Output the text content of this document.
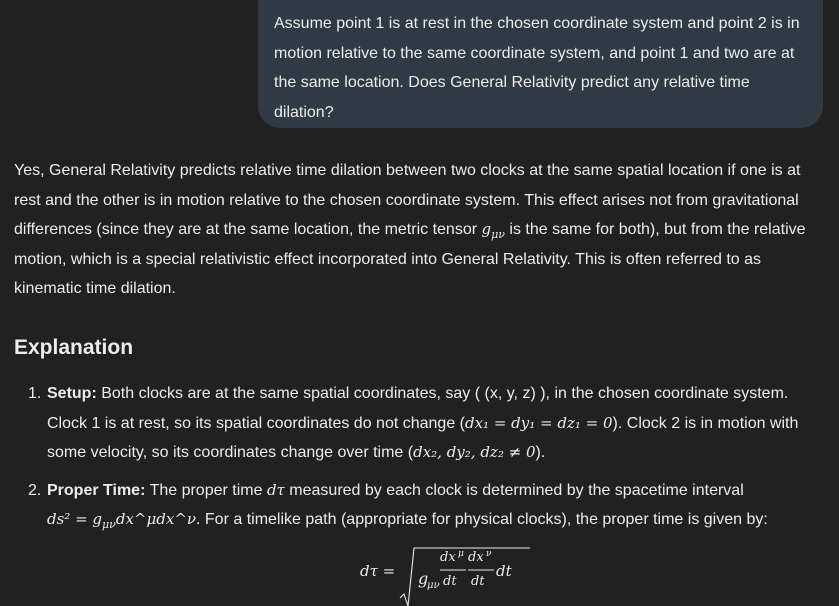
Assume point 1 is at rest in the chosen coordinate system and point 2 is in motion relative to the same coordinate system, and point 1 and two are at the same location. Does General Relativity predict any relative time dilation?
Yes, General Relativity predicts relative time dilation between two clocks at the same spatial location if one is at rest and the other is in motion relative to the chosen coordinate system. This effect arises not from gravitational differences (since they are at the same location, the metric tensor $g_{\mu\nu}$ is the same for both), but from the relative motion, which is a special relativistic effect incorporated into General Relativity. This is often referred to as kinematic time dilation.
Explanation
1. Setup: Both clocks are at the same spatial coordinates, say ( (x, y, z) ), in the chosen coordinate system. Clock 1 is at rest, so its spatial coordinates do not change (dx₁ = dy₁ = dz₁ = 0). Clock 2 is in motion with some velocity, so its coordinates change over time (dx₂, dy₂, dz₂ ≠ 0).
2. Proper Time: The proper time dτ measured by each clock is determined by the spacetime interval $ds^2 = g_{\mu\nu}dx\^{}\mu dx\^{}\nu$. For a timelike path (appropriate for physical clocks), the proper time is given by:
dτ = g
μν
dx μ
dt
dx ν
dt
dt
